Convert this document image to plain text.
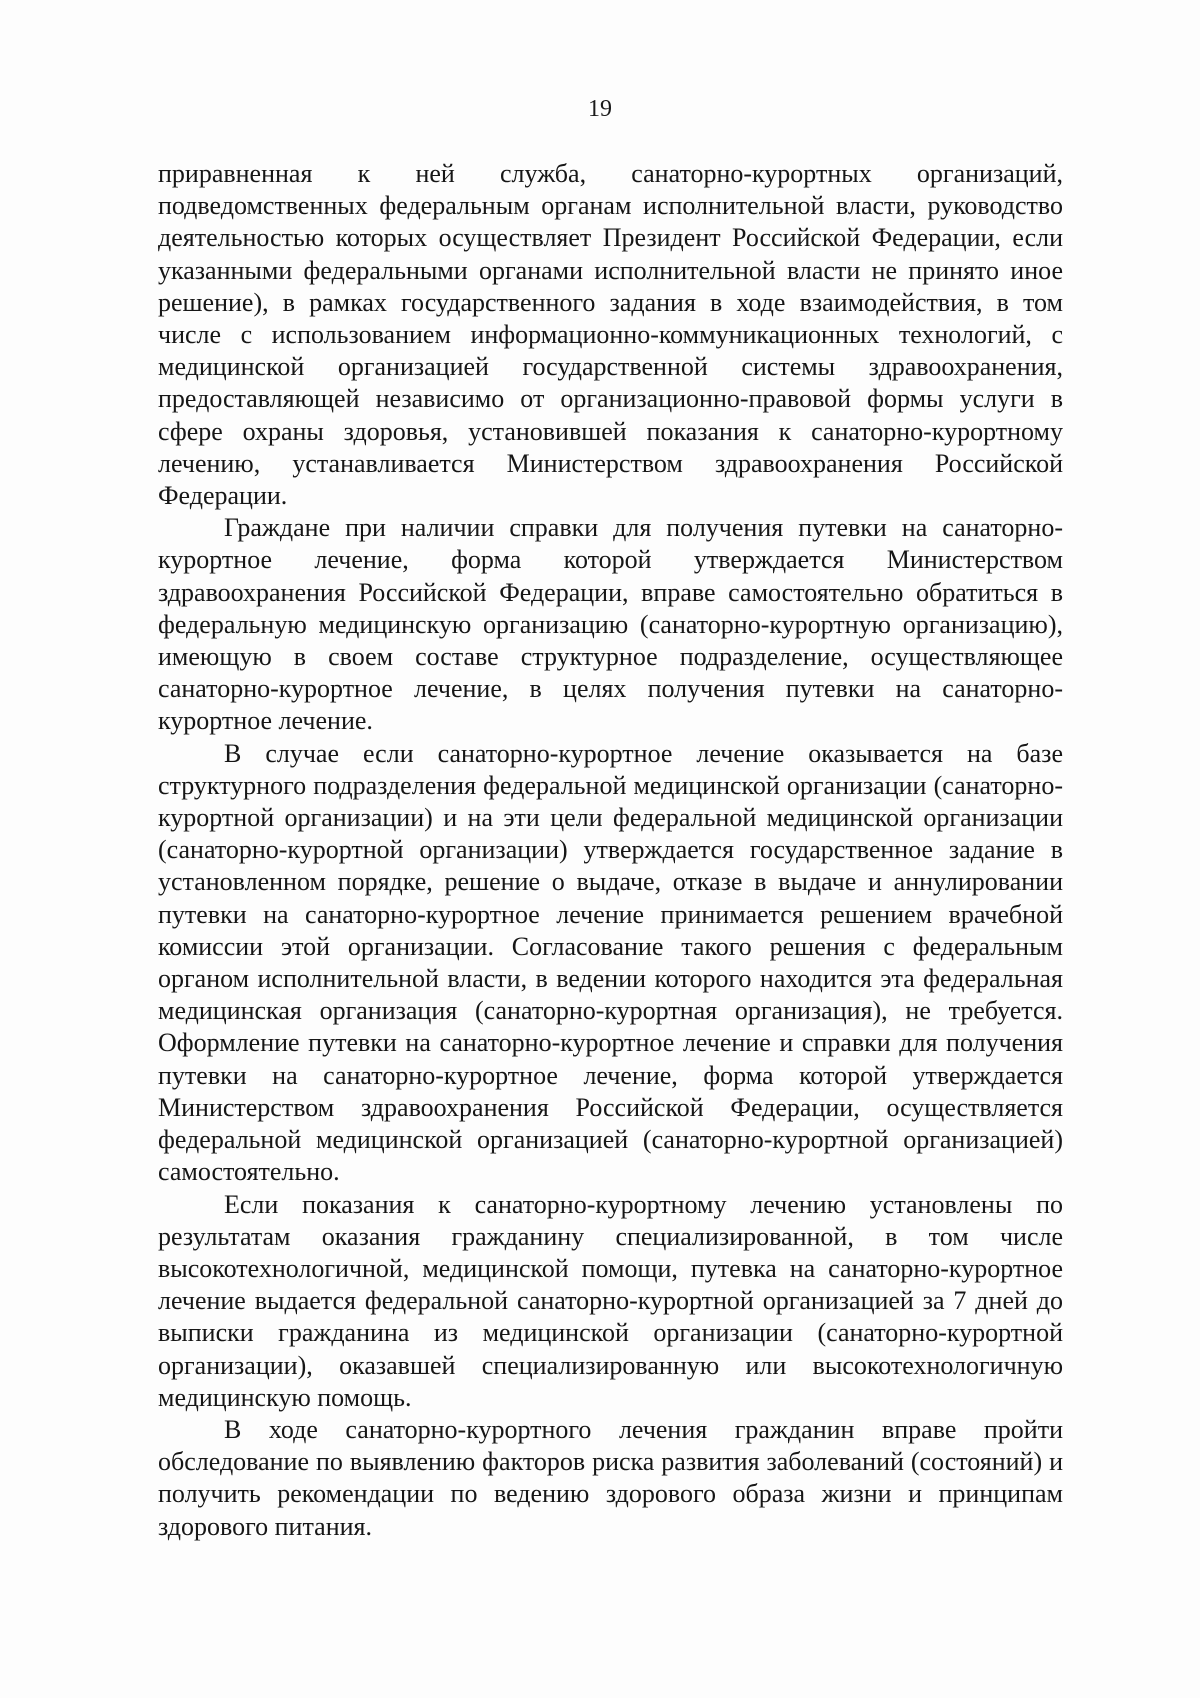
19

приравненная к ней служба, санаторно-курортных организаций, подведомственных федеральным органам исполнительной власти, руководство деятельностью которых осуществляет Президент Российской Федерации, если указанными федеральными органами исполнительной власти не принято иное решение), в рамках государственного задания в ходе взаимодействия, в том числе с использованием информационно-коммуникационных технологий, с медицинской организацией государственной системы здравоохранения, предоставляющей независимо от организационно-правовой формы услуги в сфере охраны здоровья, установившей показания к санаторно-курортному лечению, устанавливается Министерством здравоохранения Российской Федерации.

Граждане при наличии справки для получения путевки на санаторно-курортное лечение, форма которой утверждается Министерством здравоохранения Российской Федерации, вправе самостоятельно обратиться в федеральную медицинскую организацию (санаторно-курортную организацию), имеющую в своем составе структурное подразделение, осуществляющее санаторно-курортное лечение, в целях получения путевки на санаторно-курортное лечение.

В случае если санаторно-курортное лечение оказывается на базе структурного подразделения федеральной медицинской организации (санаторно-курортной организации) и на эти цели федеральной медицинской организации (санаторно-курортной организации) утверждается государственное задание в установленном порядке, решение о выдаче, отказе в выдаче и аннулировании путевки на санаторно-курортное лечение принимается решением врачебной комиссии этой организации. Согласование такого решения с федеральным органом исполнительной власти, в ведении которого находится эта федеральная медицинская организация (санаторно-курортная организация), не требуется. Оформление путевки на санаторно-курортное лечение и справки для получения путевки на санаторно-курортное лечение, форма которой утверждается Министерством здравоохранения Российской Федерации, осуществляется федеральной медицинской организацией (санаторно-курортной организацией) самостоятельно.

Если показания к санаторно-курортному лечению установлены по результатам оказания гражданину специализированной, в том числе высокотехнологичной, медицинской помощи, путевка на санаторно-курортное лечение выдается федеральной санаторно-курортной организацией за 7 дней до выписки гражданина из медицинской организации (санаторно-курортной организации), оказавшей специализированную или высокотехнологичную медицинскую помощь.

В ходе санаторно-курортного лечения гражданин вправе пройти обследование по выявлению факторов риска развития заболеваний (состояний) и получить рекомендации по ведению здорового образа жизни и принципам здорового питания.
